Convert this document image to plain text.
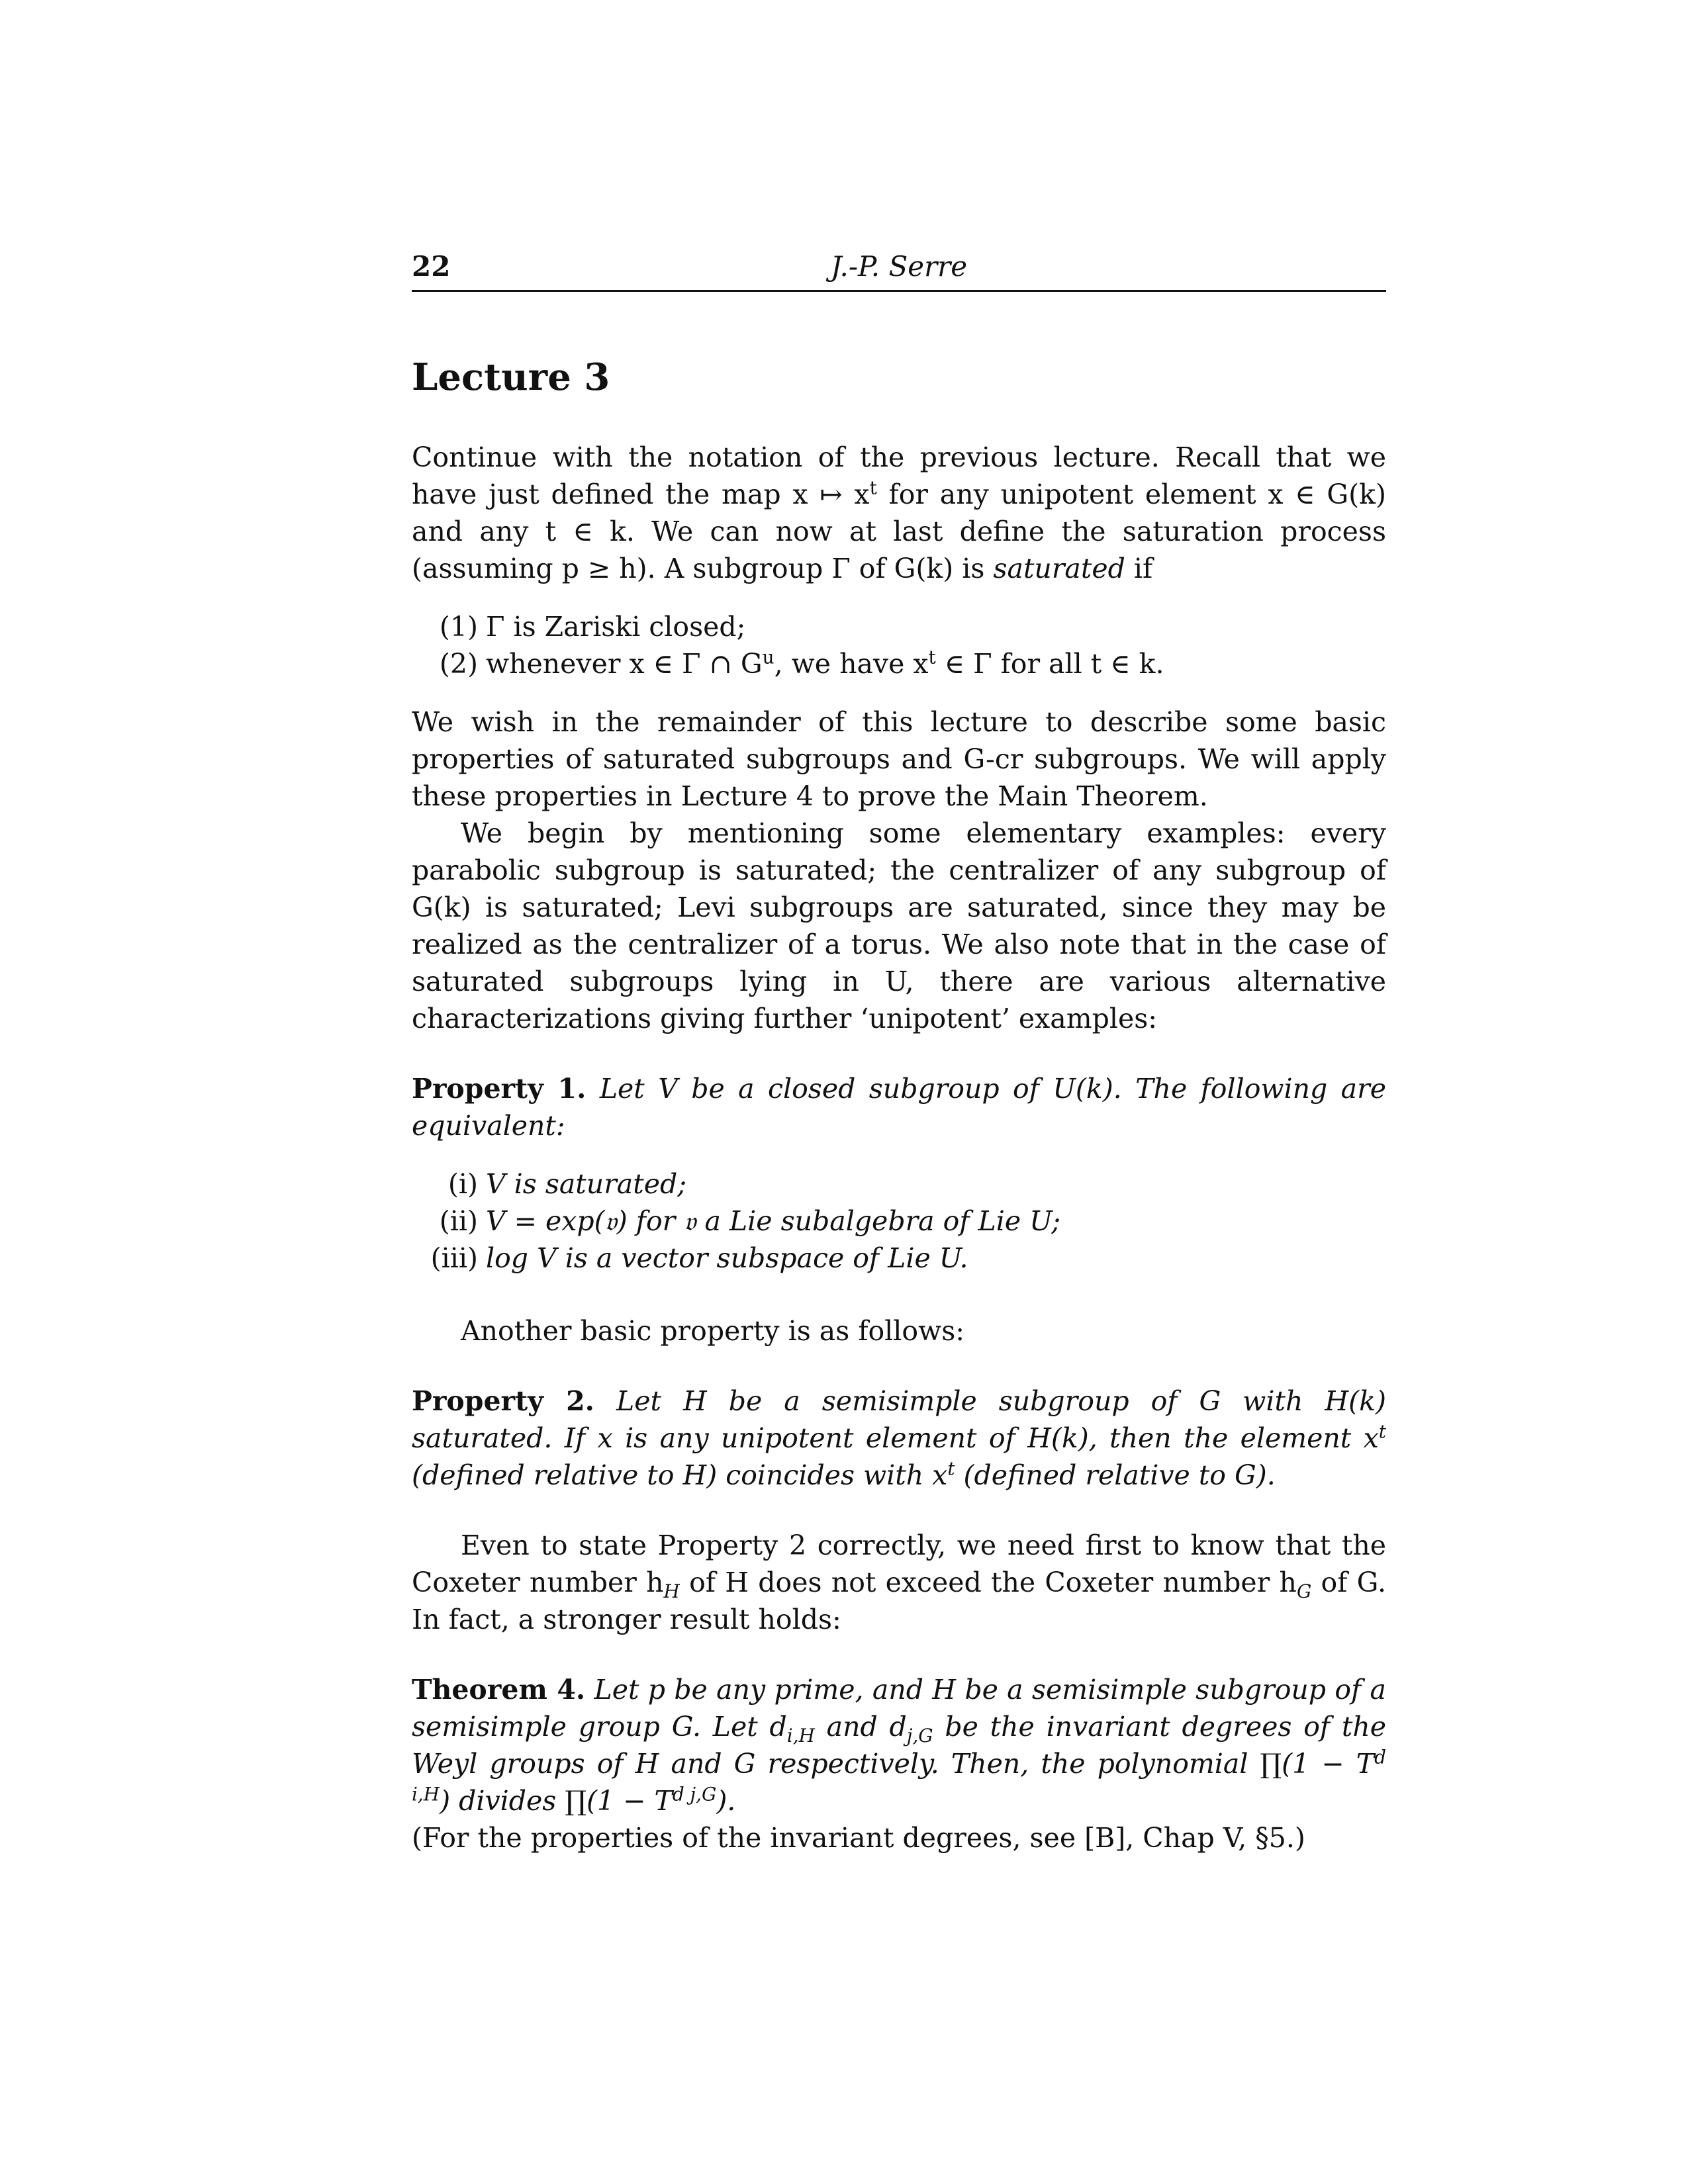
22	J.-P. Serre
Lecture 3

Continue with the notation of the previous lecture. Recall that we have just defined the map x ↦ $x^t$ for any unipotent element x ∈ G(k) and any t ∈ k. We can now at last define the saturation process (assuming p ≥ h). A subgroup Γ of G(k) is saturated if

(1) Γ is Zariski closed;
(2) whenever x ∈ Γ ∩ $G^u$, we have $x^t$ ∈ Γ for all t ∈ k.

We wish in the remainder of this lecture to describe some basic properties of saturated subgroups and G-cr subgroups. We will apply these properties in Lecture 4 to prove the Main Theorem.

We begin by mentioning some elementary examples: every parabolic subgroup is saturated; the centralizer of any subgroup of G(k) is saturated; Levi subgroups are saturated, since they may be realized as the centralizer of a torus. We also note that in the case of saturated subgroups lying in U, there are various alternative characterizations giving further ‘unipotent’ examples:

Property 1. Let V be a closed subgroup of U(k). The following are equivalent:

(i) V is saturated;
(ii) V = exp(𝔳) for 𝔳 a Lie subalgebra of Lie U;
(iii) log V is a vector subspace of Lie U.

Another basic property is as follows:

Property 2. Let H be a semisimple subgroup of G with H(k) saturated. If x is any unipotent element of H(k), then the element $x^t$ (defined relative to H) coincides with $x^t$ (defined relative to G).

Even to state Property 2 correctly, we need first to know that the Coxeter number $h_H$ of H does not exceed the Coxeter number $h_G$ of G. In fact, a stronger result holds:

Theorem 4. Let p be any prime, and H be a semisimple subgroup of a semisimple group G. Let $d_{i,H}$ and $d_{j,G}$ be the invariant degrees of the Weyl groups of H and G respectively. Then, the polynomial ∏(1 − $T^{d i,H}$) divides ∏(1 − $T^{d j,G}$).

(For the properties of the invariant degrees, see [B], Chap V, §5.)
